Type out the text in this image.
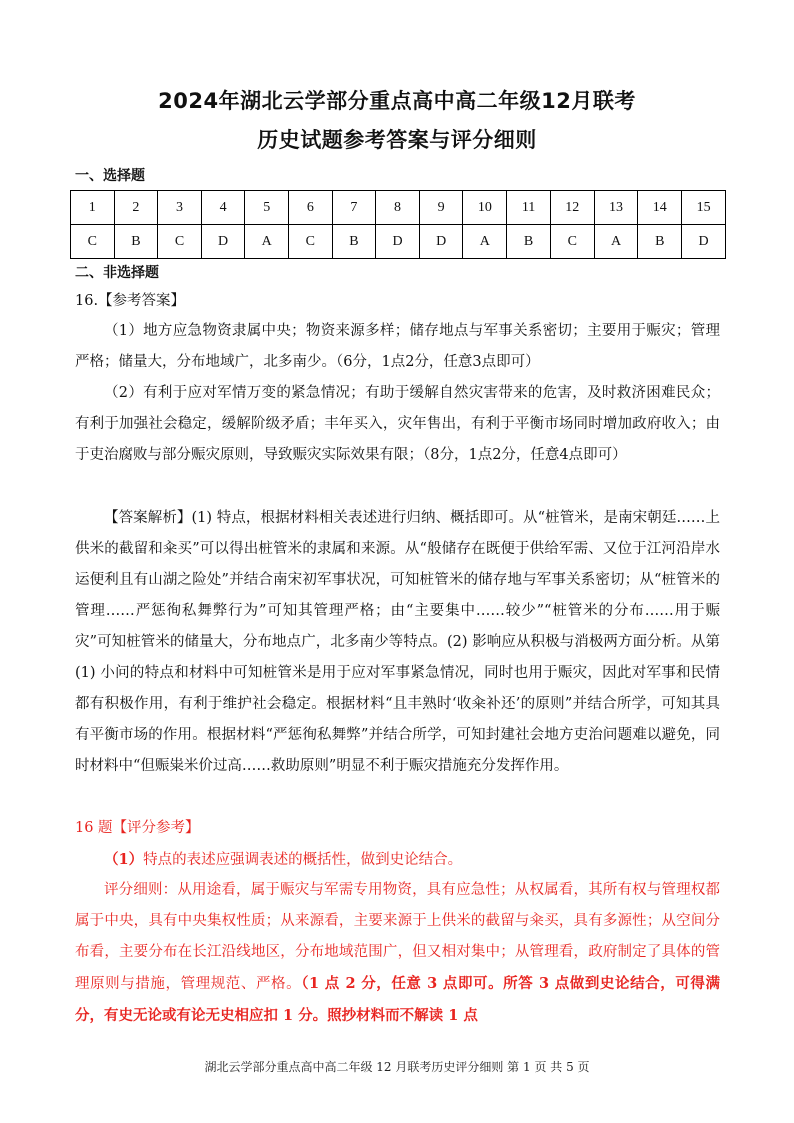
2024年湖北云学部分重点高中高二年级12月联考
历史试题参考答案与评分细则
一、选择题
1	2	3	4	5	6	7	8	9	10	11	12	13	14	15
C	B	C	D	A	C	B	D	D	A	B	C	A	B	D
二、非选择题
16.【参考答案】
（1）地方应急物资隶属中央；物资来源多样；储存地点与军事关系密切；主要用于赈灾；管理严格；储量大，分布地域广，北多南少。（6分，1点2分，任意3点即可）
（2）有利于应对军情万变的紧急情况；有助于缓解自然灾害带来的危害，及时救济困难民众；有利于加强社会稳定，缓解阶级矛盾；丰年买入，灾年售出，有利于平衡市场同时增加政府收入；由于吏治腐败与部分赈灾原则，导致赈灾实际效果有限；（8分，1点2分，任意4点即可）
【答案解析】(1) 特点，根据材料相关表述进行归纳、概括即可。从“桩管米，是南宋朝廷……上供米的截留和籴买”可以得出桩管米的隶属和来源。从“般储存在既便于供给军需、又位于江河沿岸水运便利且有山湖之险处”并结合南宋初军事状况，可知桩管米的储存地与军事关系密切；从“桩管米的管理……严惩徇私舞弊行为”可知其管理严格；由“主要集中……较少”“桩管米的分布……用于赈灾”可知桩管米的储量大，分布地点广，北多南少等特点。(2) 影响应从积极与消极两方面分析。从第 (1) 小问的特点和材料中可知桩管米是用于应对军事紧急情况，同时也用于赈灾，因此对军事和民情都有积极作用，有利于维护社会稳定。根据材料“且丰熟时‘收籴补还’的原则”并结合所学，可知其具有平衡市场的作用。根据材料“严惩徇私舞弊”并结合所学，可知封建社会地方吏治问题难以避免，同时材料中“但赈粜米价过高……救助原则”明显不利于赈灾措施充分发挥作用。
16 题【评分参考】
（1）特点的表述应强调表述的概括性，做到史论结合。
评分细则：从用途看，属于赈灾与军需专用物资，具有应急性；从权属看，其所有权与管理权都属于中央，具有中央集权性质；从来源看，主要来源于上供米的截留与籴买，具有多源性；从空间分布看，主要分布在长江沿线地区，分布地域范围广，但又相对集中；从管理看，政府制定了具体的管理原则与措施，管理规范、严格。（1 点 2 分，任意 3 点即可。所答 3 点做到史论结合，可得满分，有史无论或有论无史相应扣 1 分。照抄材料而不解读 1 点
湖北云学部分重点高中高二年级 12 月联考历史评分细则 第 1 页 共 5 页
